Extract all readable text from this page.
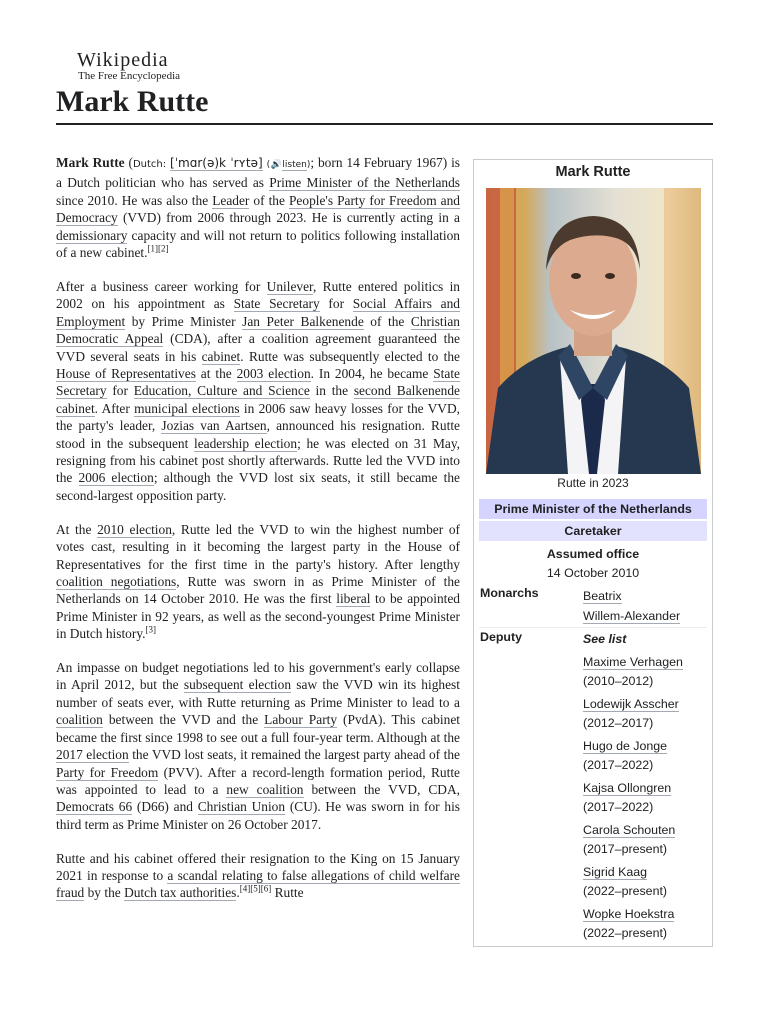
Wikipedia
The Free Encyclopedia
Mark Rutte

Mark Rutte (Dutch: [ˈmɑr(ə)k ˈrʏtə] (🔊listen); born 14 February 1967) is a Dutch politician who has served as Prime Minister of the Netherlands since 2010. He was also the Leader of the People's Party for Freedom and Democracy (VVD) from 2006 through 2023. He is currently acting in a demissionary capacity and will not return to politics following installation of a new cabinet.[1][2]

After a business career working for Unilever, Rutte entered politics in 2002 on his appointment as State Secretary for Social Affairs and Employment by Prime Minister Jan Peter Balkenende of the Christian Democratic Appeal (CDA), after a coalition agreement guaranteed the VVD several seats in his cabinet. Rutte was subsequently elected to the House of Representatives at the 2003 election. In 2004, he became State Secretary for Education, Culture and Science in the second Balkenende cabinet. After municipal elections in 2006 saw heavy losses for the VVD, the party's leader, Jozias van Aartsen, announced his resignation. Rutte stood in the subsequent leadership election; he was elected on 31 May, resigning from his cabinet post shortly afterwards. Rutte led the VVD into the 2006 election; although the VVD lost six seats, it still became the second-largest opposition party.

At the 2010 election, Rutte led the VVD to win the highest number of votes cast, resulting in it becoming the largest party in the House of Representatives for the first time in the party's history. After lengthy coalition negotiations, Rutte was sworn in as Prime Minister of the Netherlands on 14 October 2010. He was the first liberal to be appointed Prime Minister in 92 years, as well as the second-youngest Prime Minister in Dutch history.[3]

An impasse on budget negotiations led to his government's early collapse in April 2012, but the subsequent election saw the VVD win its highest number of seats ever, with Rutte returning as Prime Minister to lead to a coalition between the VVD and the Labour Party (PvdA). This cabinet became the first since 1998 to see out a full four-year term. Although at the 2017 election the VVD lost seats, it remained the largest party ahead of the Party for Freedom (PVV). After a record-length formation period, Rutte was appointed to lead to a new coalition between the VVD, CDA, Democrats 66 (D66) and Christian Union (CU). He was sworn in for his third term as Prime Minister on 26 October 2017.

Rutte and his cabinet offered their resignation to the King on 15 January 2021 in response to a scandal relating to false allegations of child welfare fraud by the Dutch tax authorities.[4][5][6] Rutte

Mark Rutte
Rutte in 2023
Prime Minister of the Netherlands
Caretaker
Assumed office
14 October 2010
Monarchs	Beatrix
Willem-Alexander
Deputy	See list
Maxime Verhagen
(2010–2012)
Lodewijk Asscher
(2012–2017)
Hugo de Jonge
(2017–2022)
Kajsa Ollongren
(2017–2022)
Carola Schouten
(2017–present)
Sigrid Kaag
(2022–present)
Wopke Hoekstra
(2022–present)
